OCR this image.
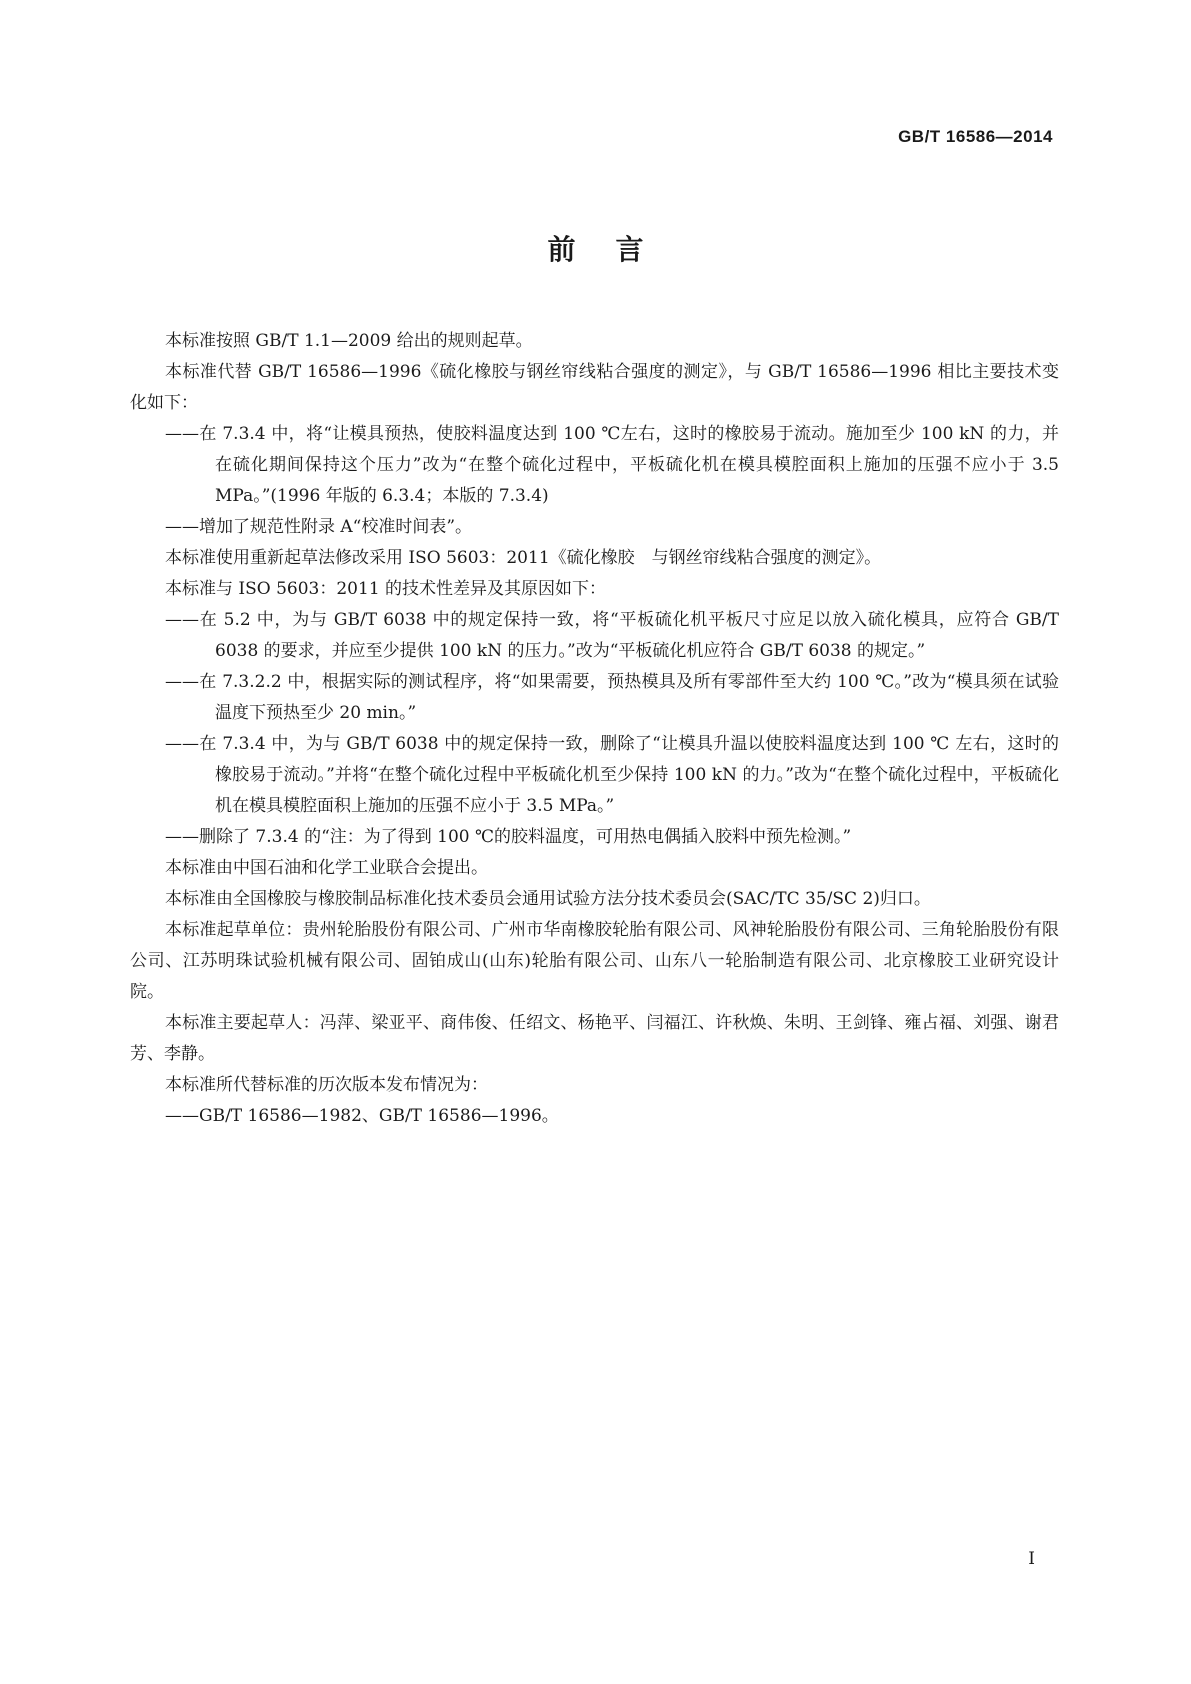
GB/T 16586—2014
前言

本标准按照 GB/T 1.1—2009 给出的规则起草。

本标准代替 GB/T 16586—1996《硫化橡胶与钢丝帘线粘合强度的测定》，与 GB/T 16586—1996 相比主要技术变化如下：

——在 7.3.4 中，将“让模具预热，使胶料温度达到 100 ℃左右，这时的橡胶易于流动。施加至少 100 kN 的力，并在硫化期间保持这个压力”改为“在整个硫化过程中，平板硫化机在模具模腔面积上施加的压强不应小于 3.5 MPa。”(1996 年版的 6.3.4；本版的 7.3.4)

——增加了规范性附录 A“校准时间表”。

本标准使用重新起草法修改采用 ISO 5603：2011《硫化橡胶　与钢丝帘线粘合强度的测定》。

本标准与 ISO 5603：2011 的技术性差异及其原因如下：

——在 5.2 中，为与 GB/T 6038 中的规定保持一致，将“平板硫化机平板尺寸应足以放入硫化模具，应符合 GB/T 6038 的要求，并应至少提供 100 kN 的压力。”改为“平板硫化机应符合 GB/T 6038 的规定。”

——在 7.3.2.2 中，根据实际的测试程序，将“如果需要，预热模具及所有零部件至大约 100 ℃。”改为“模具须在试验温度下预热至少 20 min。”

——在 7.3.4 中，为与 GB/T 6038 中的规定保持一致，删除了“让模具升温以使胶料温度达到 100 ℃ 左右，这时的橡胶易于流动。”并将“在整个硫化过程中平板硫化机至少保持 100 kN 的力。”改为“在整个硫化过程中，平板硫化机在模具模腔面积上施加的压强不应小于 3.5 MPa。”

——删除了 7.3.4 的“注：为了得到 100 ℃的胶料温度，可用热电偶插入胶料中预先检测。”

本标准由中国石油和化学工业联合会提出。

本标准由全国橡胶与橡胶制品标准化技术委员会通用试验方法分技术委员会(SAC/TC 35/SC 2)归口。

本标准起草单位：贵州轮胎股份有限公司、广州市华南橡胶轮胎有限公司、风神轮胎股份有限公司、三角轮胎股份有限公司、江苏明珠试验机械有限公司、固铂成山(山东)轮胎有限公司、山东八一轮胎制造有限公司、北京橡胶工业研究设计院。

本标准主要起草人：冯萍、梁亚平、商伟俊、任绍文、杨艳平、闫福江、许秋焕、朱明、王剑锋、雍占福、刘强、谢君芳、李静。

本标准所代替标准的历次版本发布情况为：

——GB/T 16586—1982、GB/T 16586—1996。

I
